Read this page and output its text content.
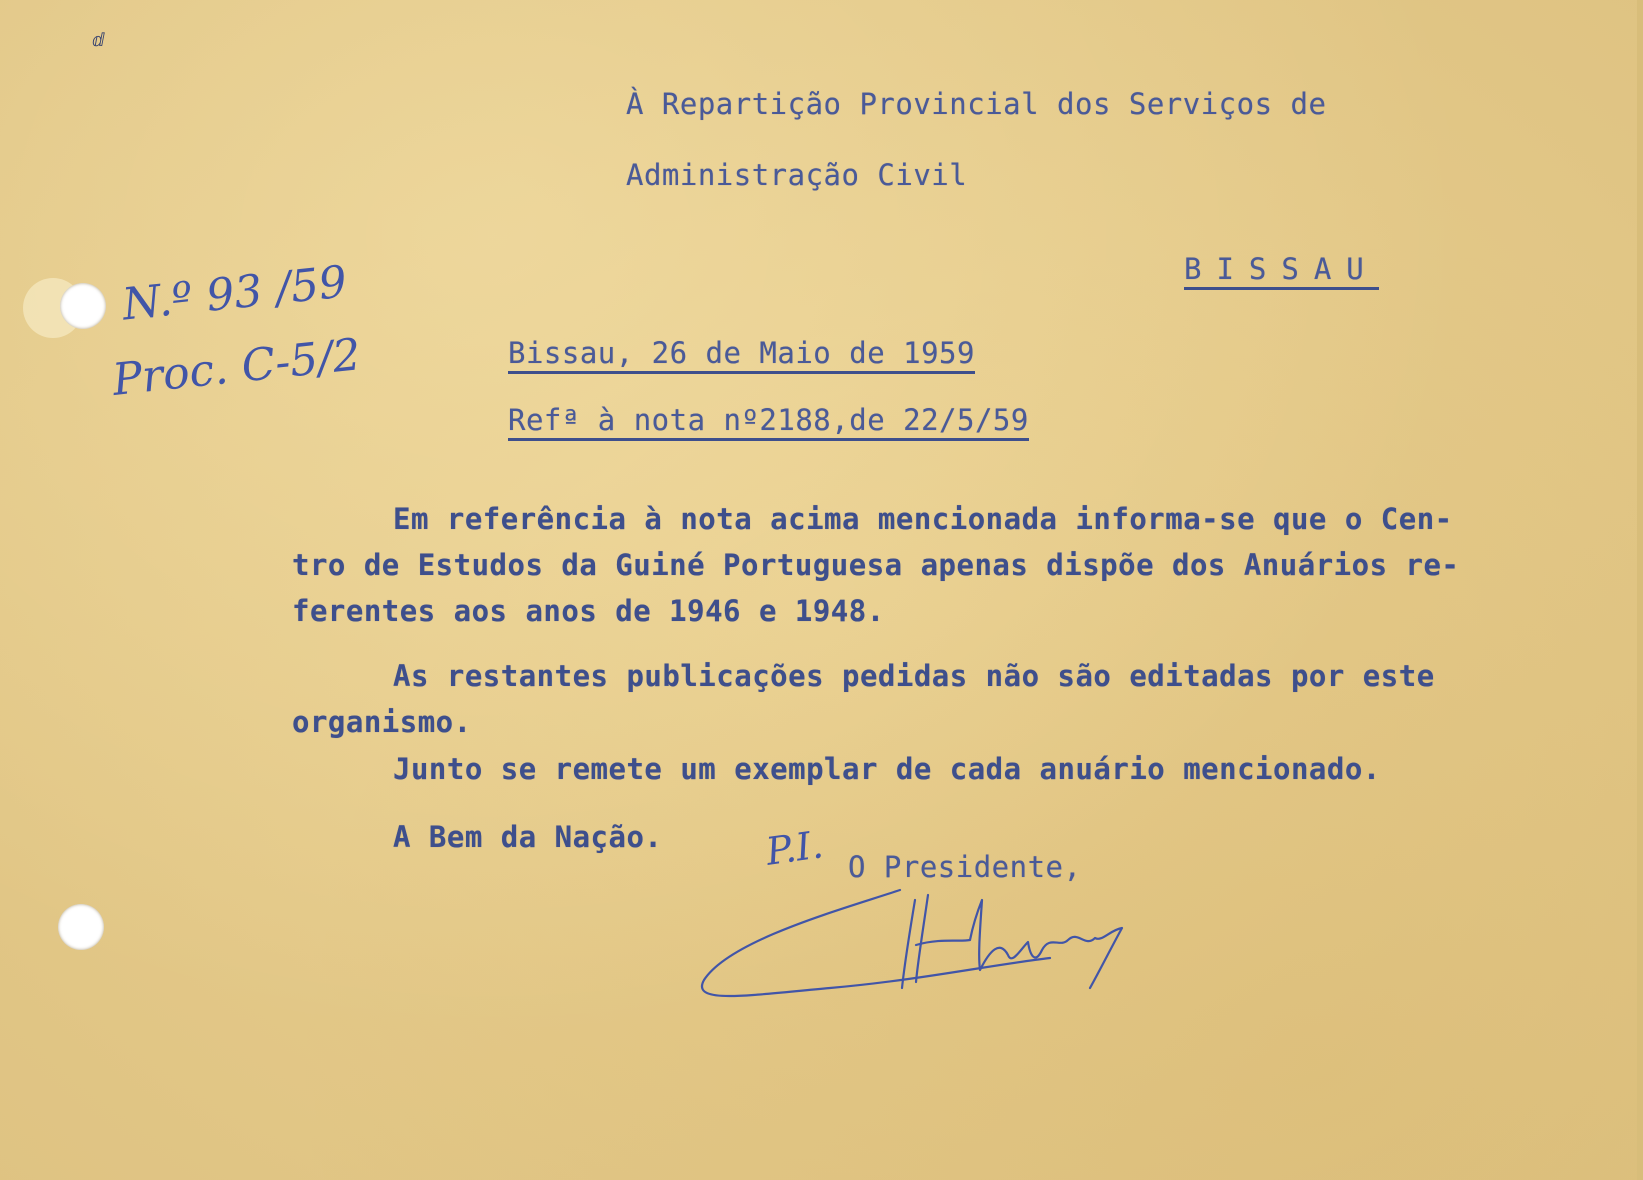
ⅆ
À Repartição Provincial dos Serviços de
Administração Civil
BISSAU
N.º 93 /59
Proc. C-5/2	Bissau, 26 de Maio de 1959
Refª à nota nº2188,de 22/5/59
Em referência à nota acima mencionada informa-se que o Cen-
tro de Estudos da Guiné Portuguesa apenas dispõe dos Anuários re-
ferentes aos anos de 1946 e 1948.
As restantes publicações pedidas não são editadas por este
organismo.
Junto se remete um exemplar de cada anuário mencionado.
A Bem da Nação.	P.I. O Presidente,
